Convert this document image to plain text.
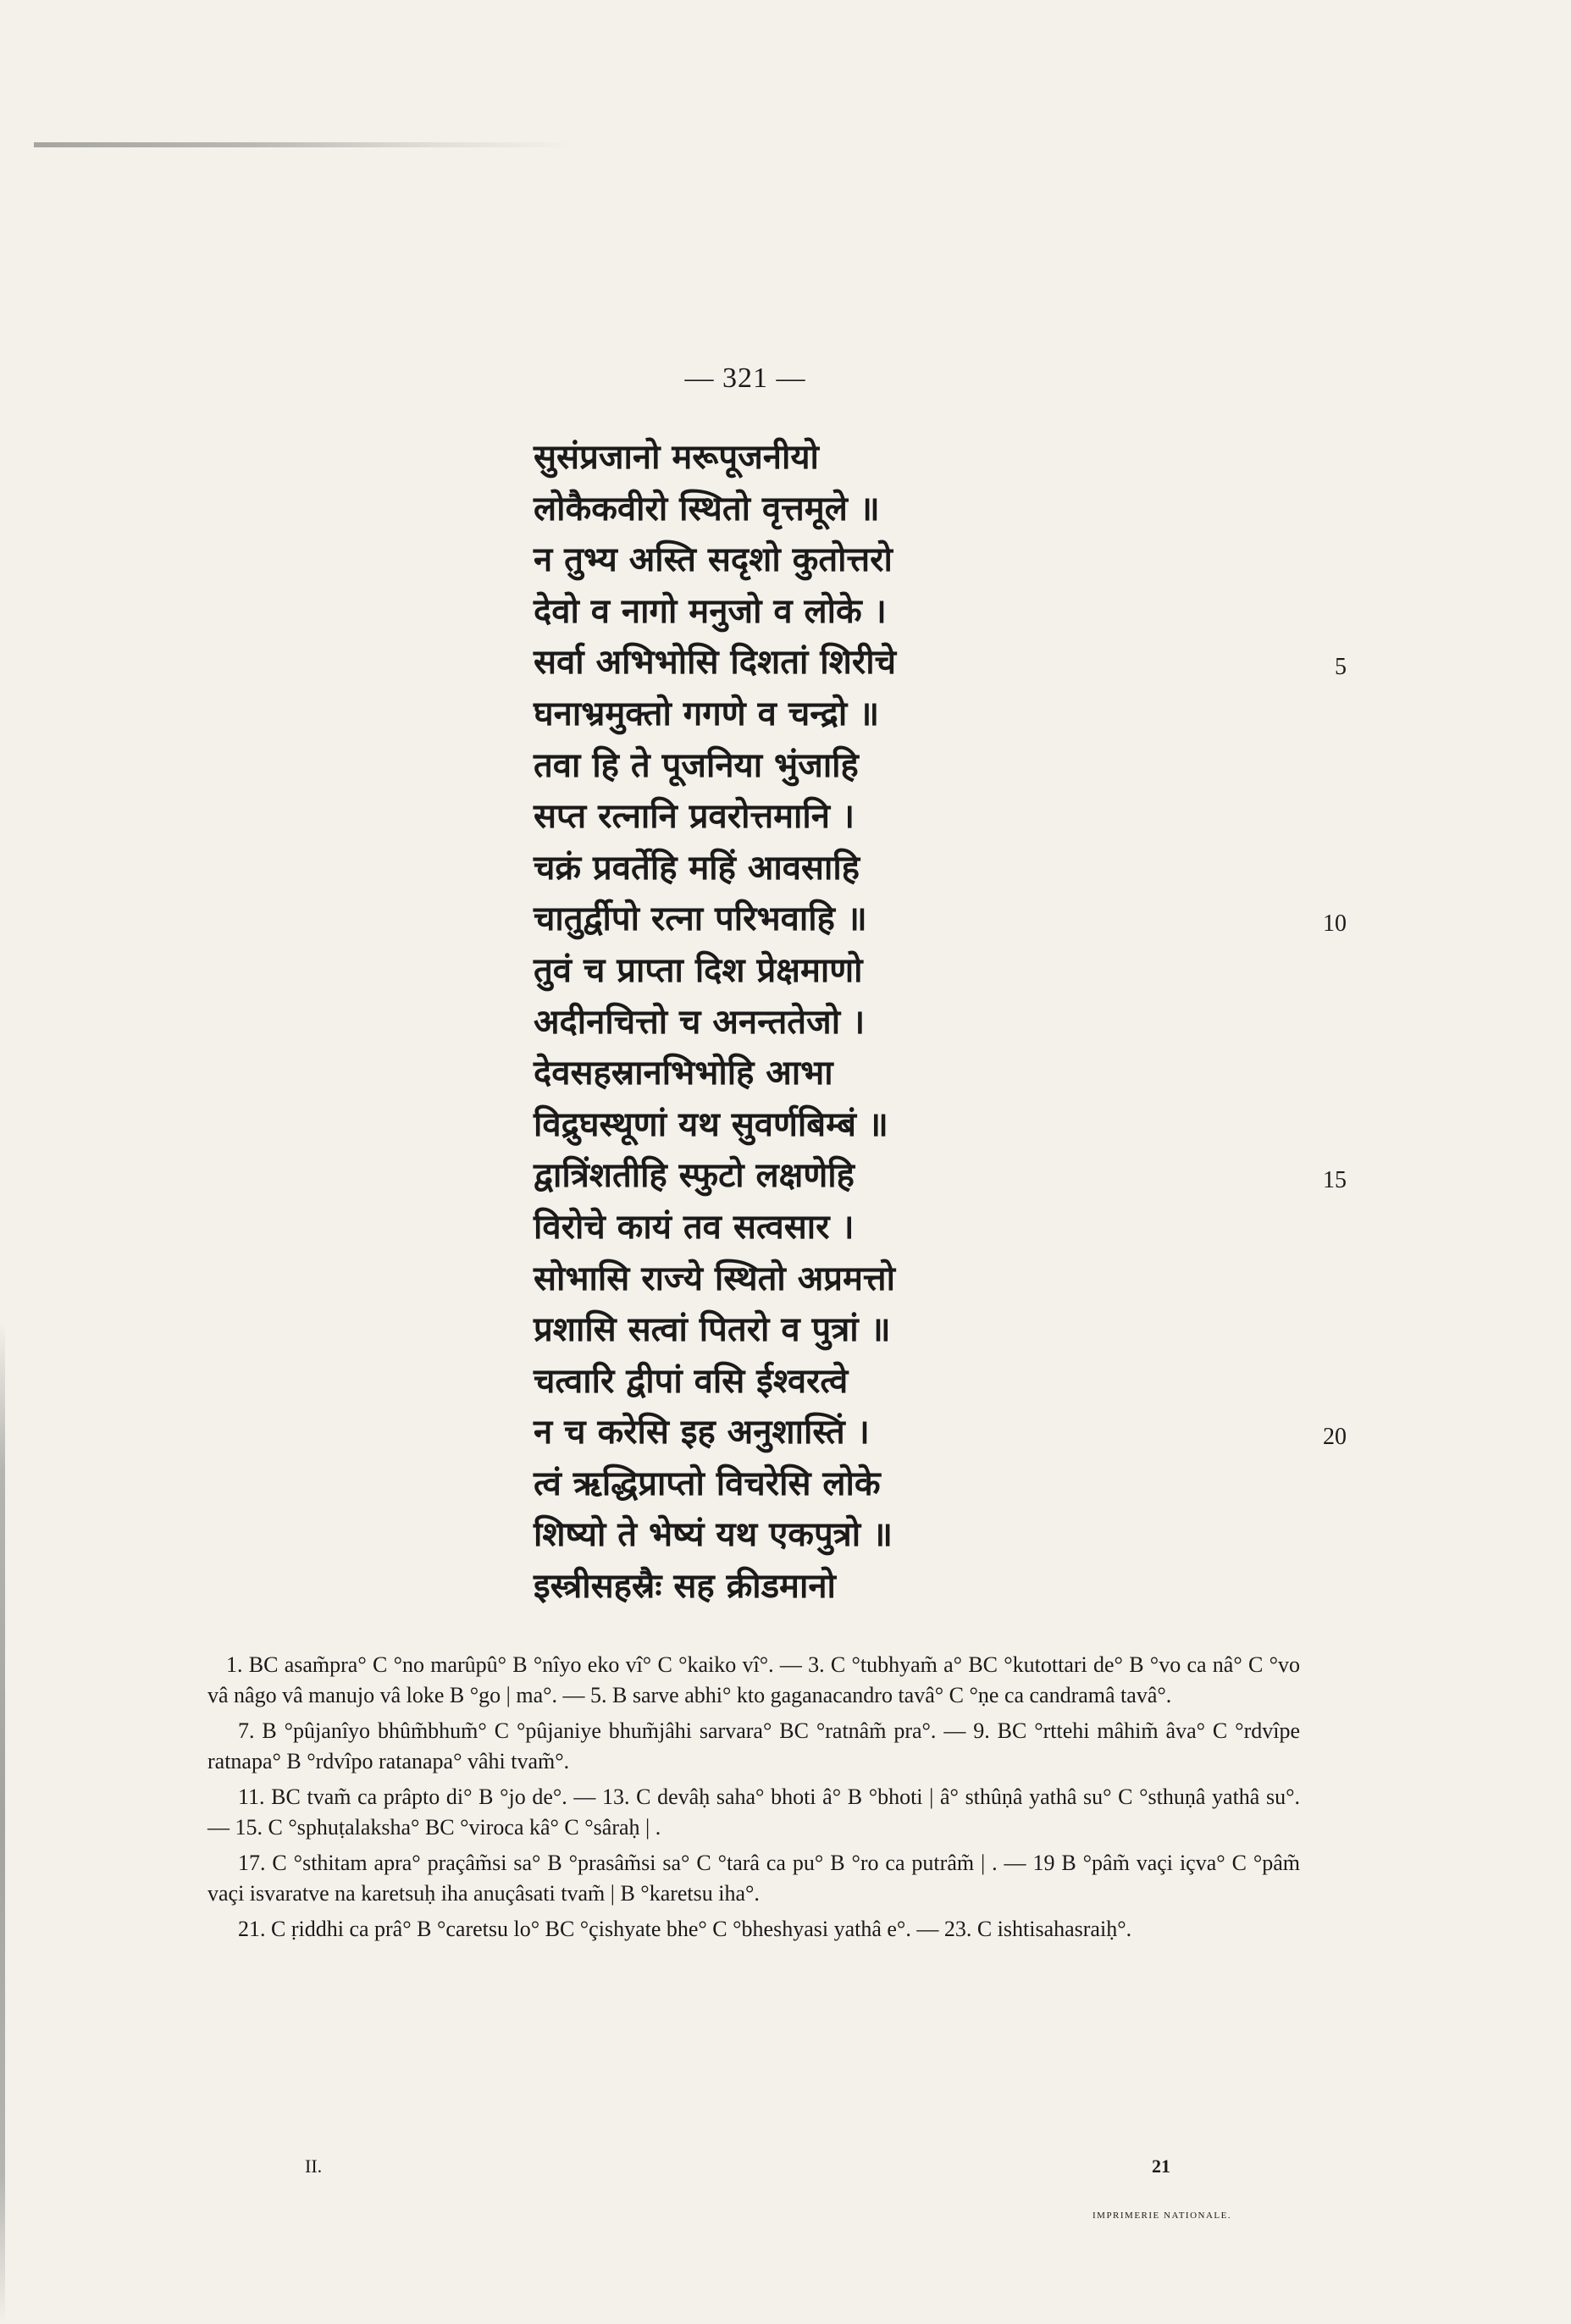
— 321 —
सुसंप्रजानो मरूपूजनीयो
लोकैकवीरो स्थितो वृत्तमूले ॥
न तुभ्य अस्ति सदृशो कुतोत्तरो
देवो व नागो मनुजो व लोके ।
सर्वा अभिभोसि दिशतां शिरीचे
घनाभ्रमुक्तो गगणे व चन्द्रो ॥
तवा हि ते पूजनिया भुंजाहि
सप्त रत्नानि प्रवरोत्तमानि ।
चक्रं प्रवर्तेहि महिं आवसाहि
चातुर्द्वीपो रत्ना परिभवाहि ॥
तुवं च प्राप्ता दिश प्रेक्षमाणो
अदीनचित्तो च अनन्ततेजो ।
देवसहस्रानभिभोहि आभा
विद्रुघस्थूणां यथ सुवर्णबिम्बं ॥
द्वात्रिंशतीहि स्फुटो लक्षणेहि
विरोचे कायं तव सत्वसार ।
सोभासि राज्ये स्थितो अप्रमत्तो
प्रशासि सत्वां पितरो व पुत्रां ॥
चत्वारि द्वीपां वसि ईश्वरत्वे
न च करेसि इह अनुशास्तिं ।
त्वं ऋद्धिप्राप्तो विचरेसि लोके
शिष्यो ते भेष्यं यथ एकपुत्रो ॥
इस्त्रीसहस्रैः सह क्रीडमानो
5
10
15
20

1. BC asam̃pra° C °no marûpû° B °nîyo eko vî° C °kaiko vî°. — 3. C °tubhyam̃ a° BC °kutottari de° B °vo ca nâ° C °vo vâ nâgo vâ manujo vâ loke B °go | ma°. — 5. B sarve abhi° kto gaganacandro tavâ° C °ṇe ca candramâ tavâ°.

7. B °pûjanîyo bhûm̃bhum̃° C °pûjaniye bhum̃jâhi sarvara° BC °ratnâm̃ pra°. — 9. BC °rttehi mâhim̃ âva° C °rdvîpe ratnapa° B °rdvîpo ratanapa° vâhi tvam̃°.

11. BC tvam̃ ca prâpto di° B °jo de°. — 13. C devâḥ saha° bhoti â° B °bhoti | â° sthûṇâ yathâ su° C °sthuṇâ yathâ su°. — 15. C °sphuṭalaksha° BC °viroca kâ° C °sâraḥ | .

17. C °sthitam apra° praçâm̃si sa° B °prasâm̃si sa° C °tarâ ca pu° B °ro ca putrâm̃ | . — 19 B °pâm̃ vaçi içva° C °pâm̃ vaçi isvaratve na karetsuḥ iha anuçâsati tvam̃ | B °karetsu iha°.

21. C ṛiddhi ca prâ° B °caretsu lo° BC °çishyate bhe° C °bheshyasi yathâ e°. — 23. C ishtisahasraiḥ°.

II.	21
IMPRIMERIE NATIONALE.
